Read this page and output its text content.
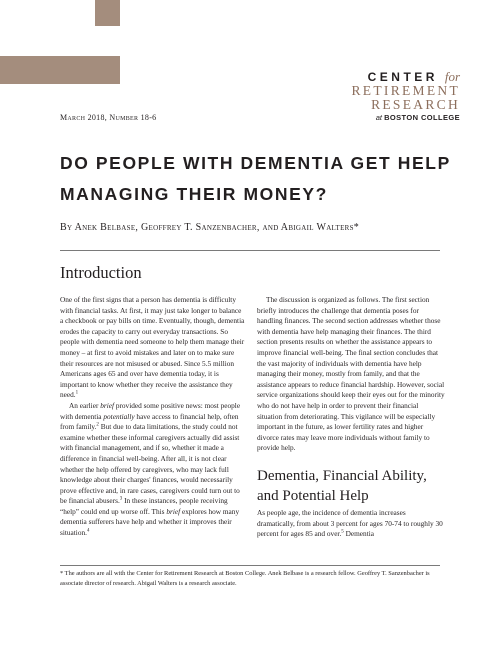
CENTER for
RETIREMENT
RESEARCH
at BOSTON COLLEGE
March 2018, Number 18-6
DO PEOPLE WITH DEMENTIA GET HELP
MANAGING THEIR MONEY?
By Anek Belbase, Geoffrey T. Sanzenbacher, and Abigail Walters*
Introduction

One of the first signs that a person has dementia is difficulty with financial tasks. At first, it may just take longer to balance a checkbook or pay bills on time. Eventually, though, dementia erodes the capacity to carry out everyday transactions. So people with dementia need someone to help them manage their money – at first to avoid mistakes and later on to make sure their resources are not misused or abused. Since 5.5 million Americans ages 65 and over have dementia today, it is important to know whether they receive the assistance they need.$^1$

An earlier brief provided some positive news: most people with dementia potentially have access to financial help, often from family.$^2$ But due to data limitations, the study could not examine whether these informal caregivers actually did assist with financial management, and if so, whether it made a difference in financial well-being. After all, it is not clear whether the help offered by caregivers, who may lack full knowledge about their charges' finances, would necessarily prove effective and, in rare cases, caregivers could turn out to be financial abusers.$^3$ In these instances, people receiving “help” could end up worse off. This brief explores how many dementia sufferers have help and whether it improves their situation.$^4$

The discussion is organized as follows. The first section briefly introduces the challenge that dementia poses for handling finances. The second section addresses whether those with dementia have help managing their finances. The third section presents results on whether the assistance appears to improve financial well-being. The final section concludes that the vast majority of individuals with dementia have help managing their money, mostly from family, and that the assistance appears to reduce financial hardship. However, social service organizations should keep their eyes out for the minority who do not have help in order to prevent their financial situation from deteriorating. This vigilance will be especially important in the future, as lower fertility rates and higher divorce rates may leave more individuals without family to provide help.

Dementia, Financial Ability, and Potential Help

As people age, the incidence of dementia increases dramatically, from about 3 percent for ages 70-74 to roughly 30 percent for ages 85 and over.$^5$ Dementia

* The authors are all with the Center for Retirement Research at Boston College. Anek Belbase is a research fellow. Geoffrey T. Sanzenbacher is associate director of research. Abigail Walters is a research associate.
